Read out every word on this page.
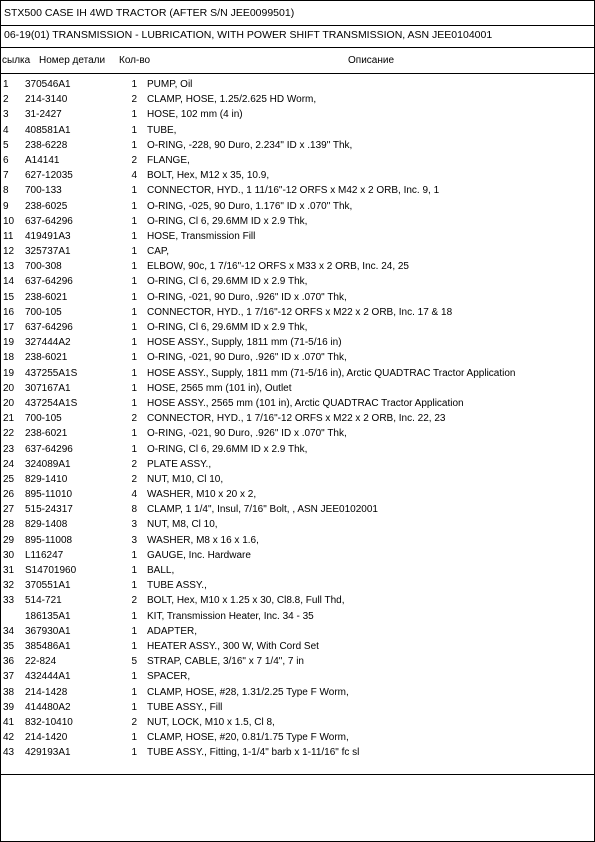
STX500 CASE IH 4WD TRACTOR (AFTER S/N JEE0099501)
06-19(01) TRANSMISSION - LUBRICATION, WITH POWER SHIFT TRANSMISSION, ASN JEE0104001
сылка Номер детали Кол-во	Описание
1 370546A1	1 PUMP, Oil
2 214-3140	2 CLAMP, HOSE, 1.25/2.625 HD Worm,
3 31-2427	1 HOSE, 102 mm (4 in)
4 408581A1	1 TUBE,
5 238-6228	1 O-RING, -228, 90 Duro, 2.234" ID x .139" Thk,
6 A14141	2 FLANGE,
7 627-12035	4 BOLT, Hex, M12 x 35, 10.9,
8 700-133	1 CONNECTOR, HYD., 1 11/16"-12 ORFS x M42 x 2 ORB, Inc. 9, 1
9 238-6025	1 O-RING, -025, 90 Duro, 1.176" ID x .070" Thk,
10 637-64296	1 O-RING, Cl 6, 29.6MM ID x 2.9 Thk,
11 419491A3	1 HOSE, Transmission Fill
12 325737A1	1 CAP,
13 700-308	1 ELBOW, 90c, 1 7/16"-12 ORFS x M33 x 2 ORB, Inc. 24, 25
14 637-64296	1 O-RING, Cl 6, 29.6MM ID x 2.9 Thk,
15 238-6021	1 O-RING, -021, 90 Duro, .926" ID x .070" Thk,
16 700-105	1 CONNECTOR, HYD., 1 7/16"-12 ORFS x M22 x 2 ORB, Inc. 17 & 18
17 637-64296	1 O-RING, Cl 6, 29.6MM ID x 2.9 Thk,
19 327444A2	1 HOSE ASSY., Supply, 1811 mm (71-5/16 in)
18 238-6021	1 O-RING, -021, 90 Duro, .926" ID x .070" Thk,
19 437255A1S	1 HOSE ASSY., Supply, 1811 mm (71-5/16 in), Arctic QUADTRAC Tractor Application
20 307167A1	1 HOSE, 2565 mm (101 in), Outlet
20 437254A1S	1 HOSE ASSY., 2565 mm (101 in), Arctic QUADTRAC Tractor Application
21 700-105	2 CONNECTOR, HYD., 1 7/16"-12 ORFS x M22 x 2 ORB, Inc. 22, 23
22 238-6021	1 O-RING, -021, 90 Duro, .926" ID x .070" Thk,
23 637-64296	1 O-RING, Cl 6, 29.6MM ID x 2.9 Thk,
24 324089A1	2 PLATE ASSY.,
25 829-1410	2 NUT, M10, Cl 10,
26 895-11010	4 WASHER, M10 x 20 x 2,
27 515-24317	8 CLAMP, 1 1/4", Insul, 7/16" Bolt, , ASN JEE0102001
28 829-1408	3 NUT, M8, Cl 10,
29 895-11008	3 WASHER, M8 x 16 x 1.6,
30 L116247	1 GAUGE, Inc. Hardware
31 S14701960	1 BALL,
32 370551A1	1 TUBE ASSY.,
33 514-721	2 BOLT, Hex, M10 x 1.25 x 30, Cl8.8, Full Thd,
186135A1	1 KIT, Transmission Heater, Inc. 34 - 35
34 367930A1	1 ADAPTER,
35 385486A1	1 HEATER ASSY., 300 W, With Cord Set
36 22-824	5 STRAP, CABLE, 3/16" x 7 1/4", 7 in
37 432444A1	1 SPACER,
38 214-1428	1 CLAMP, HOSE, #28, 1.31/2.25 Type F Worm,
39 414480A2	1 TUBE ASSY., Fill
41 832-10410	2 NUT, LOCK, M10 x 1.5, Cl 8,
42 214-1420	1 CLAMP, HOSE, #20, 0.81/1.75 Type F Worm,
43 429193A1	1 TUBE ASSY., Fitting, 1-1/4" barb x 1-11/16" fc sl
